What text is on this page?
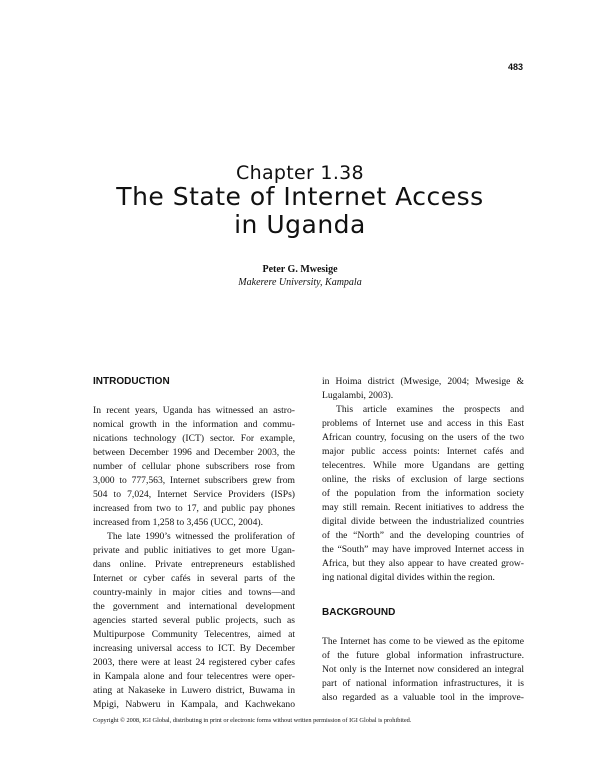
483
Chapter 1.38
The State of Internet Access
in Uganda
Peter G. Mwesige
Makerere University, Kampala
INTRODUCTION
In recent years, Uganda has witnessed an astro-
nomical growth in the information and commu-
nications technology (ICT) sector. For example,
between December 1996 and December 2003, the
number of cellular phone subscribers rose from
3,000 to 777,563, Internet subscribers grew from
504 to 7,024, Internet Service Providers (ISPs)
increased from two to 17, and public pay phones
increased from 1,258 to 3,456 (UCC, 2004).
The late 1990’s witnessed the proliferation of
private and public initiatives to get more Ugan-
dans online. Private entrepreneurs established
Internet or cyber cafés in several parts of the
country-mainly in major cities and towns—and
the government and international development
agencies started several public projects, such as
Multipurpose Community Telecentres, aimed at
increasing universal access to ICT. By December
2003, there were at least 24 registered cyber cafes
in Kampala alone and four telecentres were oper-
ating at Nakaseke in Luwero district, Buwama in
Mpigi, Nabweru in Kampala, and Kachwekano
in Hoima district (Mwesige, 2004; Mwesige &
Lugalambi, 2003).
This article examines the prospects and
problems of Internet use and access in this East
African country, focusing on the users of the two
major public access points: Internet cafés and
telecentres. While more Ugandans are getting
online, the risks of exclusion of large sections
of the population from the information society
may still remain. Recent initiatives to address the
digital divide between the industrialized countries
of the “North” and the developing countries of
the “South” may have improved Internet access in
Africa, but they also appear to have created grow-
ing national digital divides within the region.
BACKGROUND
The Internet has come to be viewed as the epitome
of the future global information infrastructure.
Not only is the Internet now considered an integral
part of national information infrastructures, it is
also regarded as a valuable tool in the improve-
Copyright © 2008, IGI Global, distributing in print or electronic forms without written permission of IGI Global is prohibited.
